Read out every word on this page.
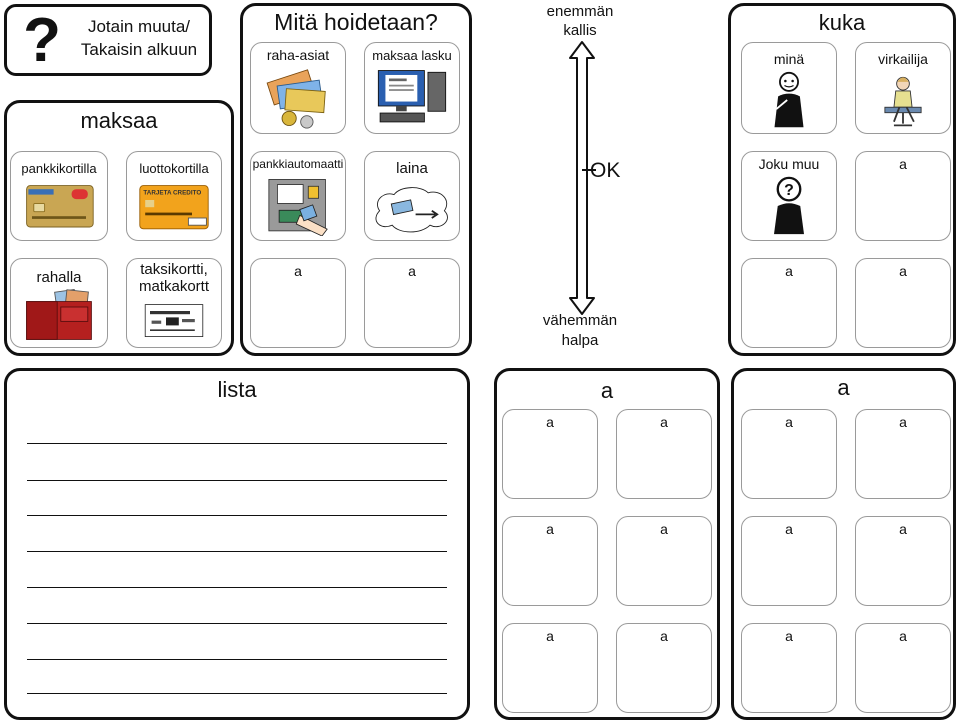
?	Jotain muuta/
Takaisin alkuun
maksaa
pankkikortilla	luottokortilla
TARJETA CREDITO
rahalla	taksikortti, matkakortt
Mitä hoidetaan?
raha-asiat	maksaa lasku
pankkiautomaatti	laina
a	a
enemmän
kallis
OK
vähemmän
halpa
kuka
minä	virkailija
Joku muu
?
a
a	a
lista	a
a	a
a	a
a	a
a
a	a
a	a
a	a
